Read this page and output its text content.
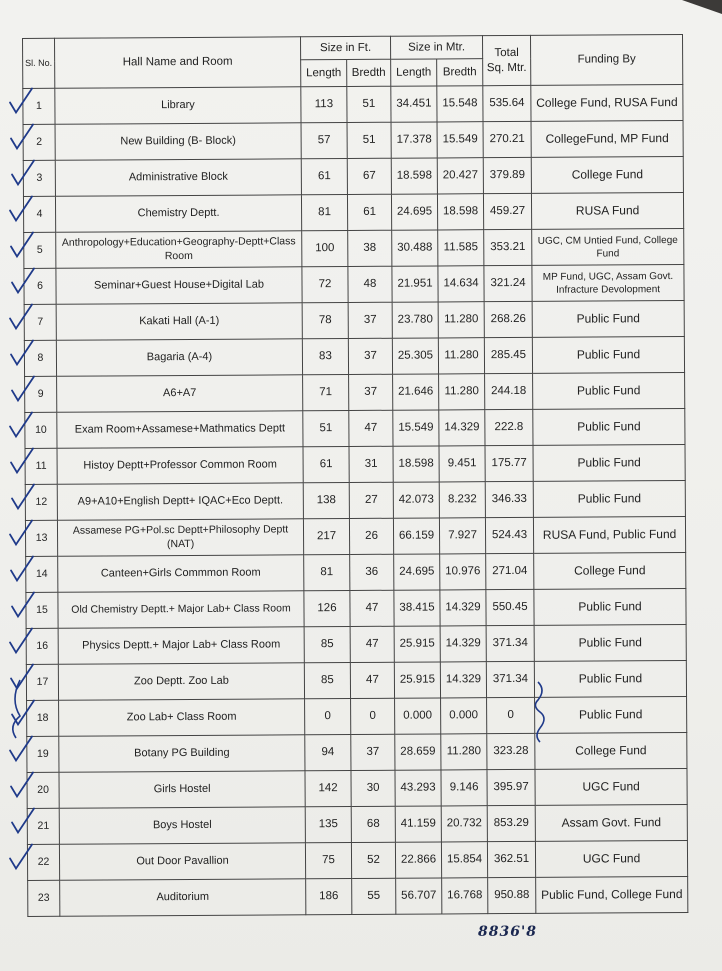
Sl. No.	Hall Name and Room	Size in Ft.		Size in Mtr.		Total Sq. Mtr.	Funding By
		Length	Bredth	Length	Bredth		
1	Library	113	51	34.451	15.548	535.64	College Fund, RUSA Fund
2	New Building (B- Block)	57	51	17.378	15.549	270.21	CollegeFund, MP Fund
3	Administrative Block	61	67	18.598	20.427	379.89	College Fund
4	Chemistry Deptt.	81	61	24.695	18.598	459.27	RUSA Fund
5	Anthropology+Education+Geography-Deptt+Class Room	100	38	30.488	11.585	353.21	UGC, CM Untied Fund, College Fund
6	Seminar+Guest House+Digital Lab	72	48	21.951	14.634	321.24	MP Fund, UGC, Assam Govt. Infracture Devolopment
7	Kakati Hall (A-1)	78	37	23.780	11.280	268.26	Public Fund
8	Bagaria (A-4)	83	37	25.305	11.280	285.45	Public Fund
9	A6+A7	71	37	21.646	11.280	244.18	Public Fund
10	Exam Room+Assamese+Mathmatics Deptt	51	47	15.549	14.329	222.8	Public Fund
11	Histoy Deptt+Professor Common Room	61	31	18.598	9.451	175.77	Public Fund
12	A9+A10+English Deptt+ IQAC+Eco Deptt.	138	27	42.073	8.232	346.33	Public Fund
13	Assamese PG+Pol.sc Deptt+Philosophy Deptt (NAT)	217	26	66.159	7.927	524.43	RUSA Fund, Public Fund
14	Canteen+Girls Commmon Room	81	36	24.695	10.976	271.04	College Fund
15	Old Chemistry Deptt.+ Major Lab+ Class Room	126	47	38.415	14.329	550.45	Public Fund
16	Physics Deptt.+ Major Lab+ Class Room	85	47	25.915	14.329	371.34	Public Fund
17	Zoo Deptt. Zoo Lab	85	47	25.915	14.329	371.34	Public Fund
18	Zoo Lab+ Class Room	0	0	0.000	0.000	0	Public Fund
19	Botany PG Building	94	37	28.659	11.280	323.28	College Fund
20	Girls Hostel	142	30	43.293	9.146	395.97	UGC Fund
21	Boys Hostel	135	68	41.159	20.732	853.29	Assam Govt. Fund
22	Out Door Pavallion	75	52	22.866	15.854	362.51	UGC Fund
23	Auditorium	186	55	56.707	16.768	950.88	Public Fund, College Fund
8836'8
